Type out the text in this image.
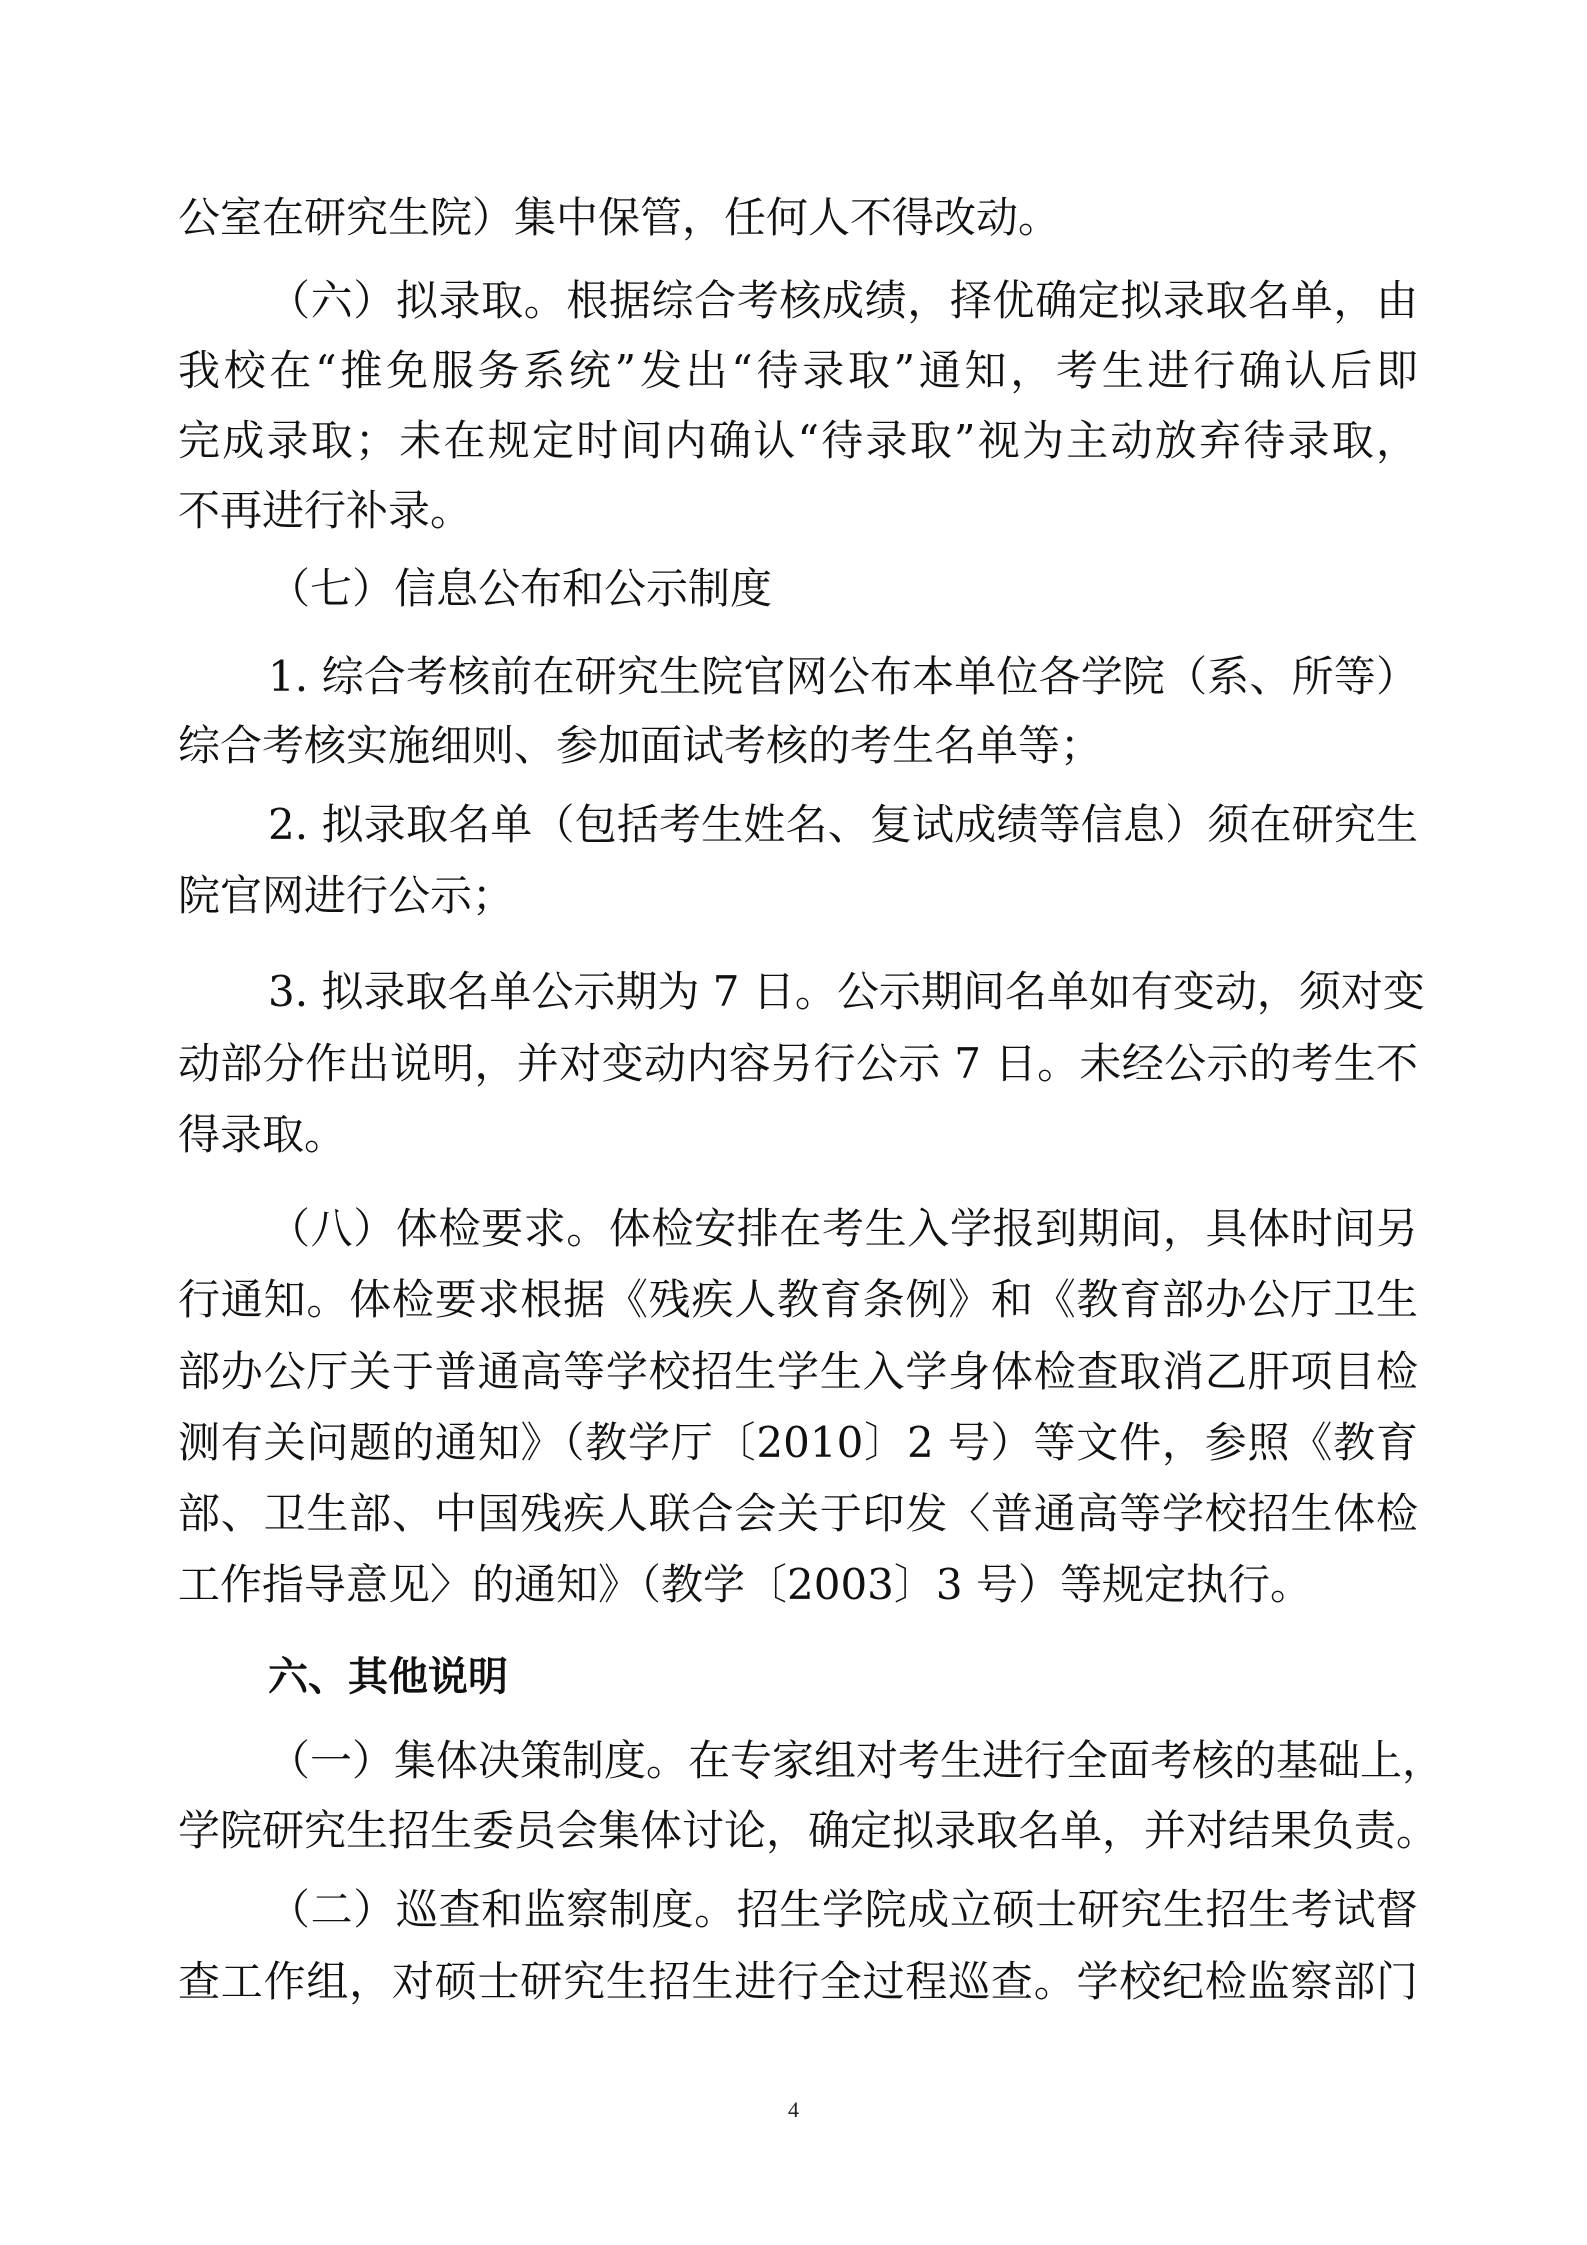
公室在研究生院）集中保管，任何人不得改动。

（六）拟录取。根据综合考核成绩，择优确定拟录取名单，由

我校在“推免服务系统”发出“待录取”通知，考生进行确认后即

完成录取；未在规定时间内确认“待录取”视为主动放弃待录取，

不再进行补录。

（七）信息公布和公示制度

1. 综合考核前在研究生院官网公布本单位各学院（系、所等）

综合考核实施细则、参加面试考核的考生名单等；

2. 拟录取名单（包括考生姓名、复试成绩等信息）须在研究生

院官网进行公示；

3. 拟录取名单公示期为 7 日。公示期间名单如有变动，须对变

动部分作出说明，并对变动内容另行公示 7 日。未经公示的考生不

得录取。

（八）体检要求。体检安排在考生入学报到期间，具体时间另

行通知。体检要求根据《残疾人教育条例》和《教育部办公厅卫生

部办公厅关于普通高等学校招生学生入学身体检查取消乙肝项目检

测有关问题的通知》（教学厅〔2010〕2 号）等文件，参照《教育

部、卫生部、中国残疾人联合会关于印发〈普通高等学校招生体检

工作指导意见〉的通知》（教学〔2003〕3 号）等规定执行。

六、其他说明

（一）集体决策制度。在专家组对考生进行全面考核的基础上，

学院研究生招生委员会集体讨论，确定拟录取名单，并对结果负责。

（二）巡查和监察制度。招生学院成立硕士研究生招生考试督

查工作组，对硕士研究生招生进行全过程巡查。学校纪检监察部门

4
